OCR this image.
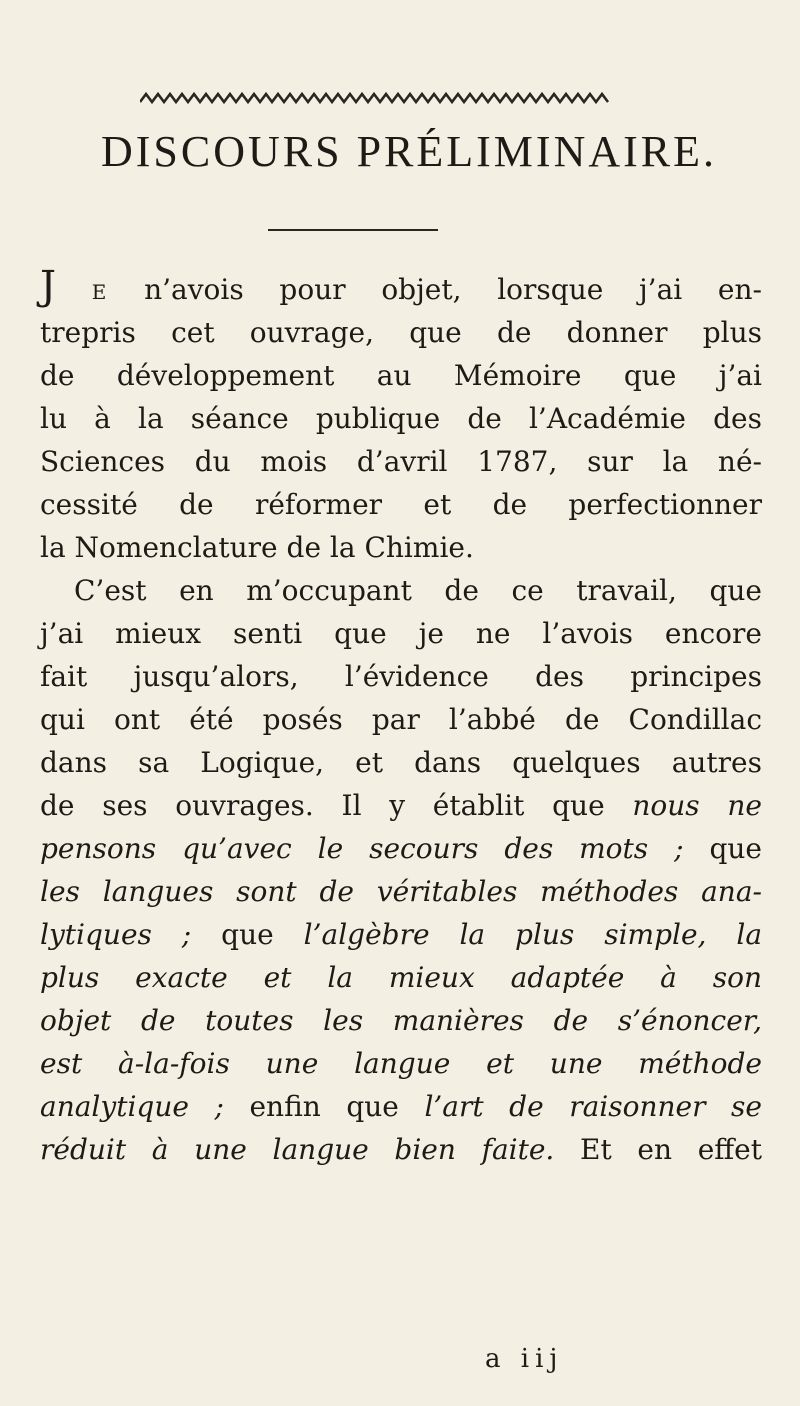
DISCOURS PRÉLIMINAIRE.
J E n’avois pour objet, lorsque j’ai en-
trepris cet ouvrage, que de donner plus
de développement au Mémoire que j’ai
lu à la séance publique de l’Académie des
Sciences du mois d’avril 1787, sur la né-
cessité de réformer et de perfectionner
la Nomenclature de la Chimie.
C’est en m’occupant de ce travail, que
j’ai mieux senti que je ne l’avois encore
fait jusqu’alors, l’évidence des principes
qui ont été posés par l’abbé de Condillac
dans sa Logique, et dans quelques autres
de ses ouvrages. Il y établit que nous ne
pensons qu’avec le secours des mots ; que
les langues sont de véritables méthodes ana-
lytiques ; que l’algèbre la plus simple, la
plus exacte et la mieux adaptée à son
objet de toutes les manières de s’énoncer,
est à-la-fois une langue et une méthode
analytique ; enfin que l’art de raisonner se
réduit à une langue bien faite. Et en effet
a iij
